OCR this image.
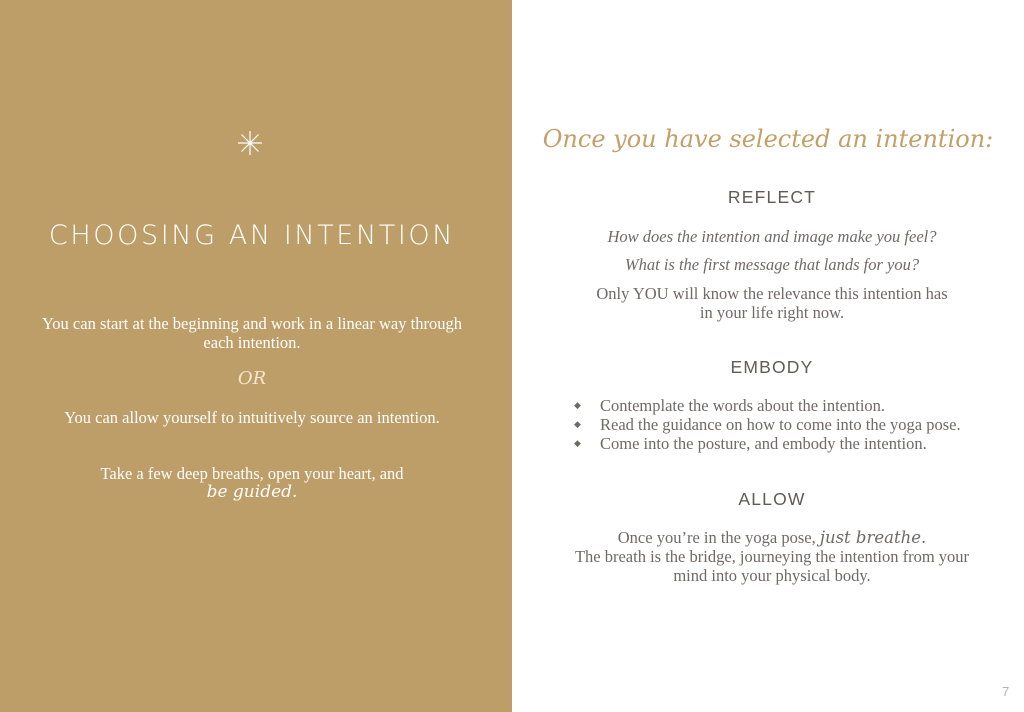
CHOOSING AN INTENTION
You can start at the beginning and work in a linear way through each intention.
OR
You can allow yourself to intuitively source an intention.
Take a few deep breaths, open your heart, and
be guided.
Once you have selected an intention:
REFLECT
How does the intention and image make you feel?
What is the first message that lands for you?
Only YOU will know the relevance this intention has
in your life right now.
EMBODY
◆ Contemplate the words about the intention.
◆ Read the guidance on how to come into the yoga pose.
◆ Come into the posture, and embody the intention.
ALLOW
Once you’re in the yoga pose, just breathe.
The breath is the bridge, journeying the intention from your
mind into your physical body.
7
